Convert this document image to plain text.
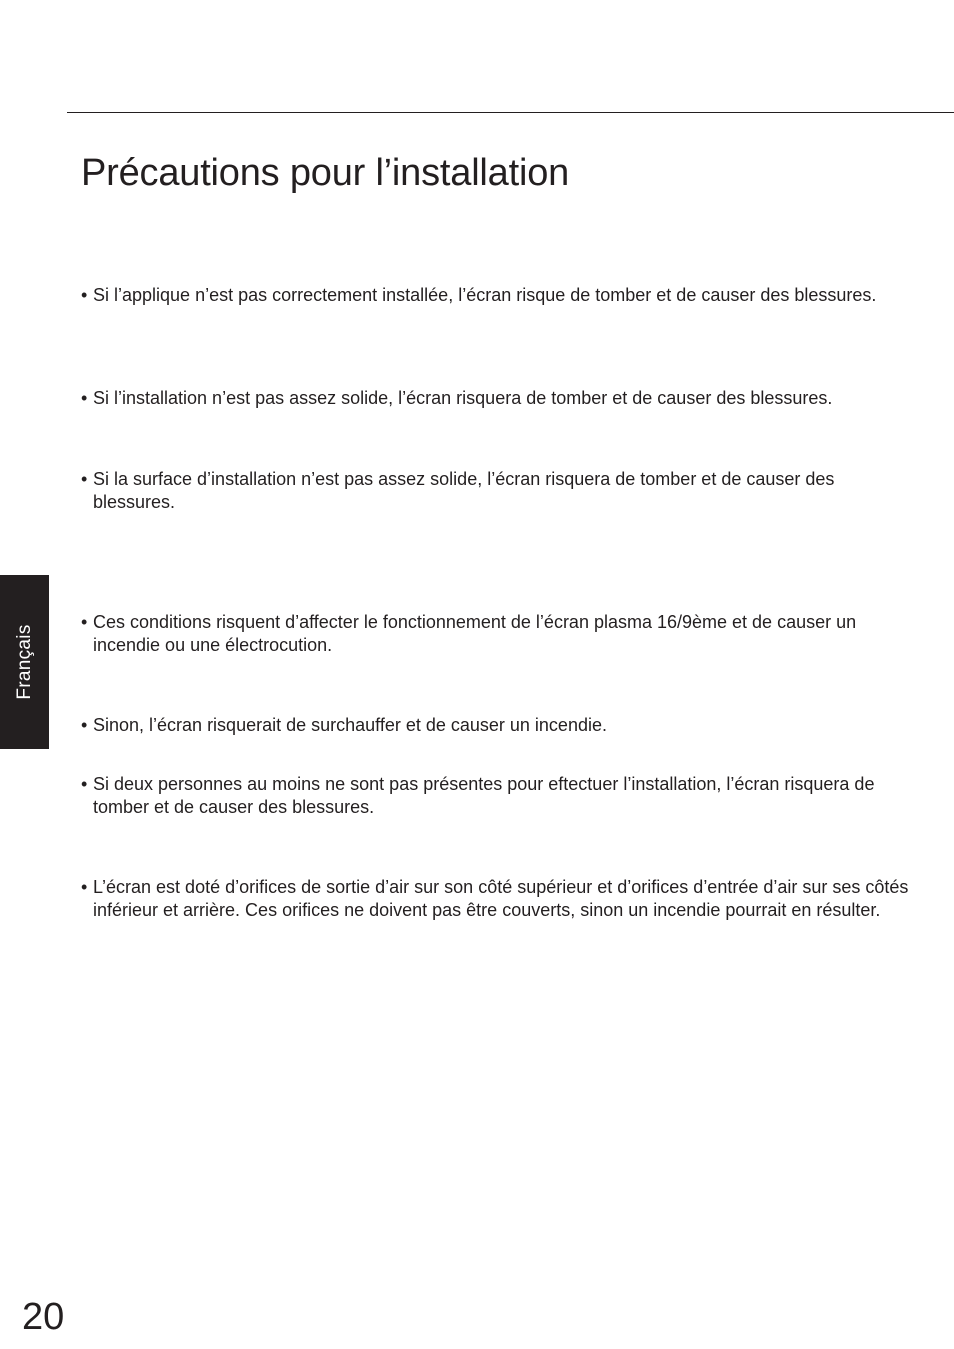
Précautions pour l’installation
• Si l’applique n’est pas correctement installée, l’écran risque de tomber et de causer des blessures.
• Si l’installation n’est pas assez solide, l’écran risquera de tomber et de causer des blessures.
• Si la surface d’installation n’est pas assez solide, l’écran risquera de tomber et de causer des blessures.
• Ces conditions risquent d’affecter le fonctionnement de l’écran plasma 16/9ème et de causer un incendie ou une électrocution.
• Sinon, l’écran risquerait de surchauffer et de causer un incendie.
• Si deux personnes au moins ne sont pas présentes pour eftectuer l’installation, l’écran risquera de tomber et de causer des blessures.
• L’écran est doté d’orifices de sortie d’air sur son côté supérieur et d’orifices d’entrée d’air sur ses côtés inférieur et arrière. Ces orifices ne doivent pas être couverts, sinon un incendie pourrait en résulter.
Français
20
